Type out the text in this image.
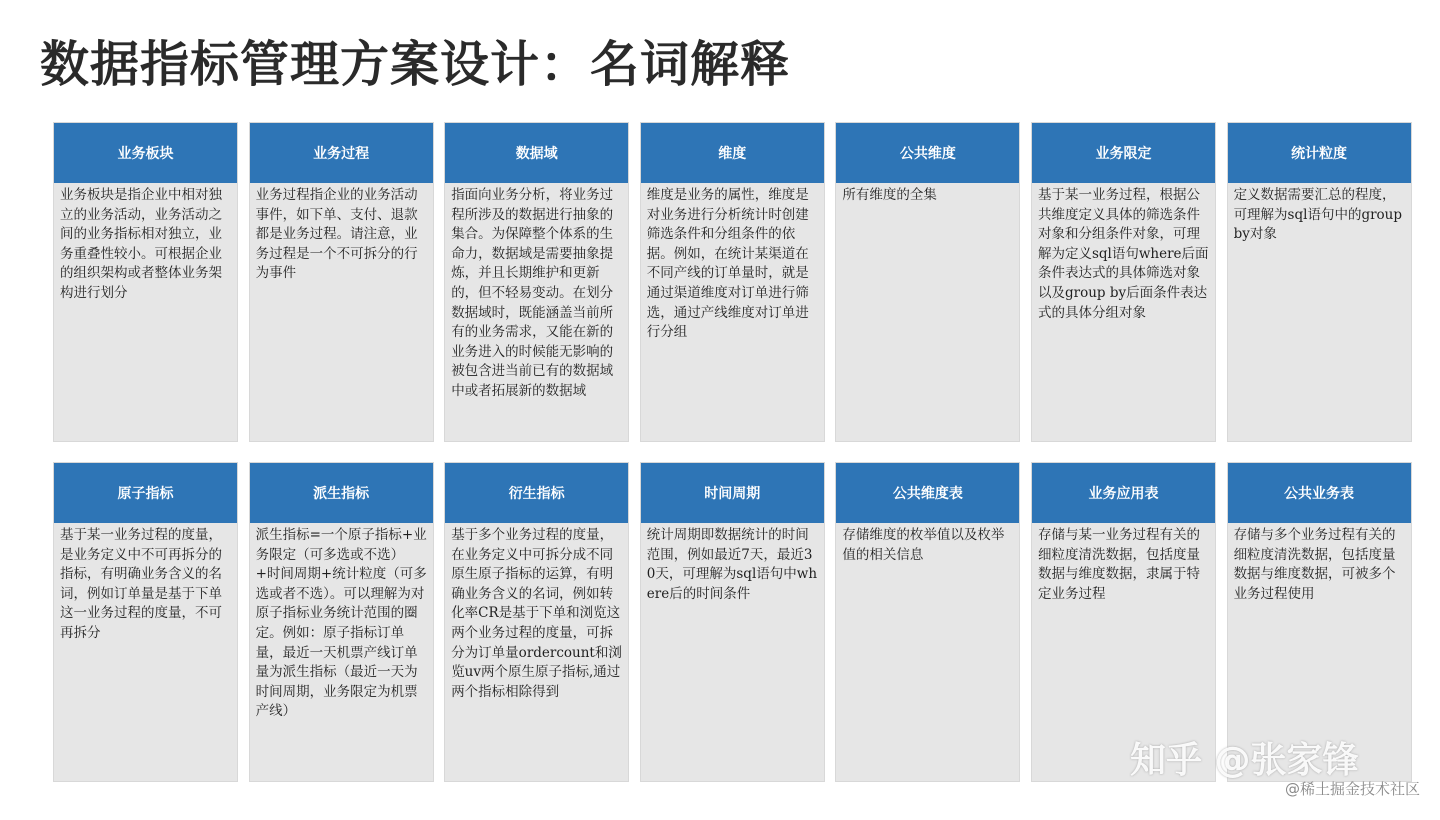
数据指标管理方案设计：名词解释
业务板块
业务板块是指企业中相对独立的业务活动，业务活动之间的业务指标相对独立，业务重叠性较小。可根据企业的组织架构或者整体业务架构进行划分
业务过程
业务过程指企业的业务活动事件，如下单、支付、退款都是业务过程。请注意，业务过程是一个不可拆分的行为事件
数据域
指面向业务分析，将业务过程所涉及的数据进行抽象的集合。为保障整个体系的生命力，数据域是需要抽象提炼，并且长期维护和更新的，但不轻易变动。在划分数据域时，既能涵盖当前所有的业务需求，又能在新的业务进入的时候能无影响的被包含进当前已有的数据域中或者拓展新的数据域
维度
维度是业务的属性，维度是对业务进行分析统计时创建筛选条件和分组条件的依据。例如，在统计某渠道在不同产线的订单量时，就是通过渠道维度对订单进行筛选，通过产线维度对订单进行分组
公共维度
所有维度的全集
业务限定
基于某一业务过程，根据公共维度定义具体的筛选条件对象和分组条件对象，可理解为定义sql语句where后面条件表达式的具体筛选对象以及group by后面条件表达式的具体分组对象
统计粒度
定义数据需要汇总的程度，可理解为sql语句中的group by对象
原子指标
基于某一业务过程的度量，是业务定义中不可再拆分的指标，有明确业务含义的名词，例如订单量是基于下单这一业务过程的度量，不可再拆分
派生指标
派生指标=一个原子指标+业务限定（可多选或不选）+时间周期+统计粒度（可多选或者不选）。可以理解为对原子指标业务统计范围的圈定。例如：原子指标订单量，最近一天机票产线订单量为派生指标（最近一天为时间周期，业务限定为机票产线）
衍生指标
基于多个业务过程的度量，在业务定义中可拆分成不同原生原子指标的运算，有明确业务含义的名词，例如转化率CR是基于下单和浏览这两个业务过程的度量，可拆分为订单量ordercount和浏览uv两个原生原子指标,通过两个指标相除得到
时间周期
统计周期即数据统计的时间范围，例如最近7天，最近30天，可理解为sql语句中where后的时间条件
公共维度表
存储维度的枚举值以及枚举值的相关信息
业务应用表
存储与某一业务过程有关的细粒度清洗数据，包括度量数据与维度数据，隶属于特定业务过程
公共业务表
存储与多个业务过程有关的细粒度清洗数据，包括度量数据与维度数据，可被多个业务过程使用
知乎 @张家锋
@稀土掘金技术社区
